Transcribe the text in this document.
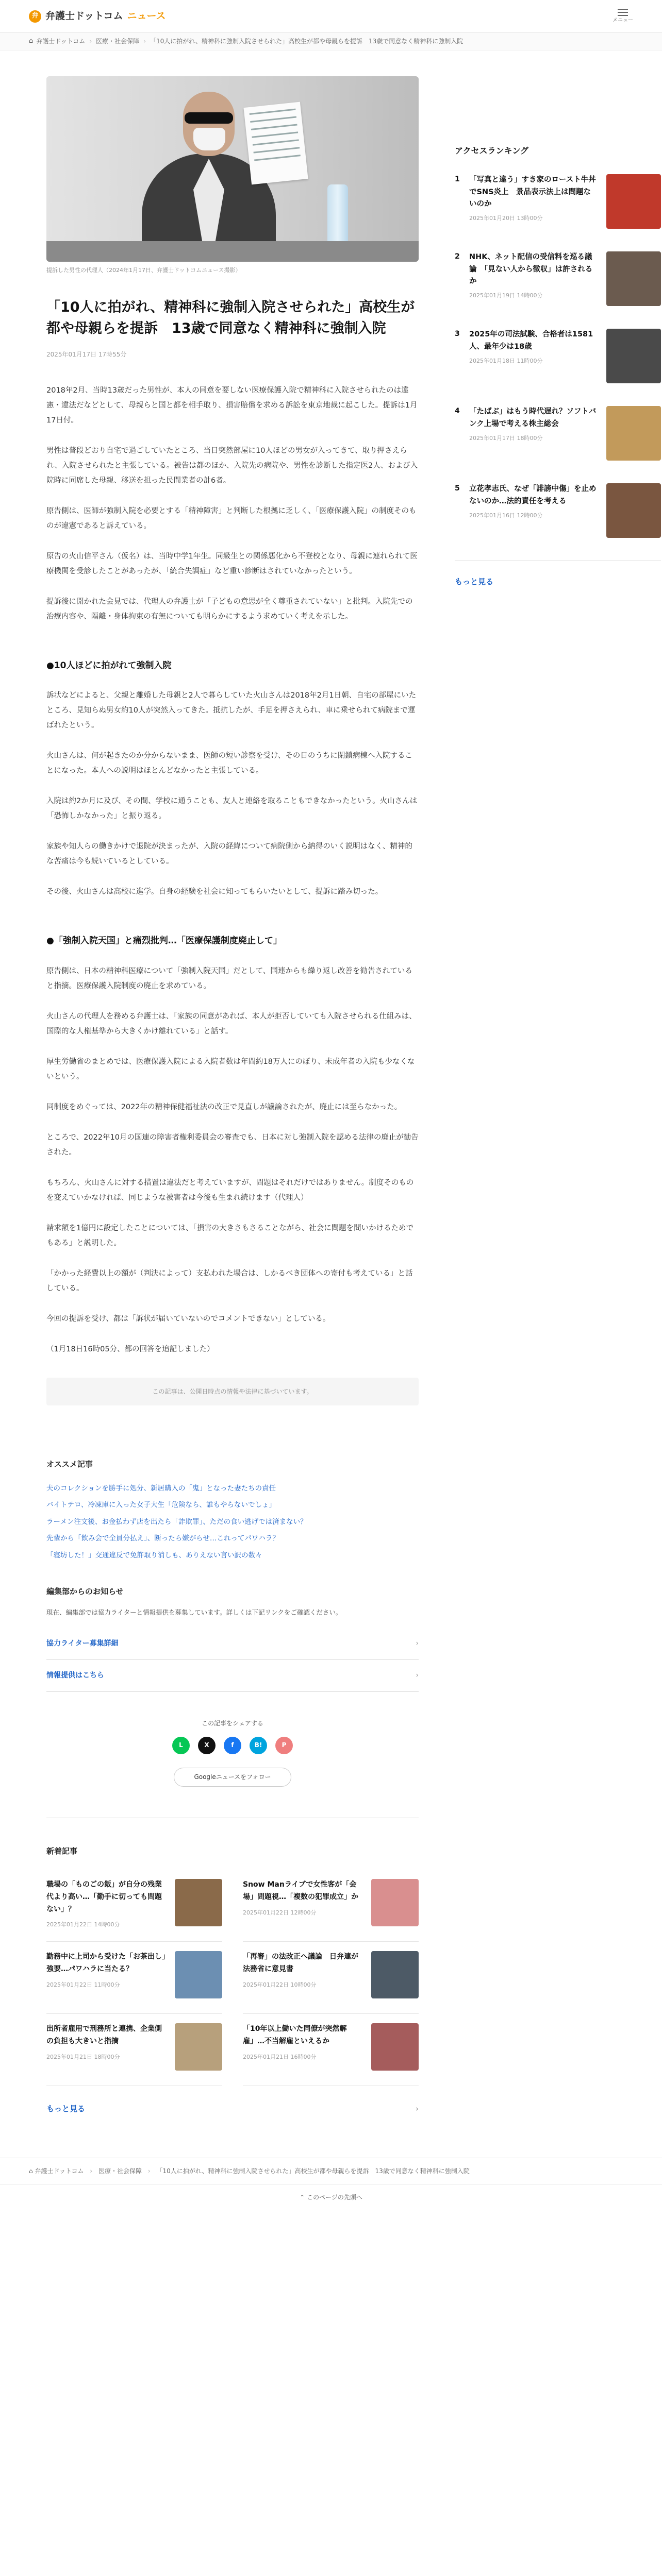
弁 弁護士ドットコム ニュース	メニュー
⌂ 弁護士ドットコム › 医療・社会保障 › 「10人に拍がれ、精神科に強制入院させられた」高校生が都や母親らを提訴　13歳で同意なく精神科に強制入院

提訴した男性の代理人（2024年1月17日、弁護士ドットコムニュース撮影）

「10人に拍がれ、精神科に強制入院させられた」高校生が都や母親らを提訴　13歳で同意なく精神科に強制入院
2025年01月17日 17時55分

2018年2月、当時13歳だった男性が、本人の同意を要しない医療保護入院で精神科に入院させられたのは違憲・違法だなどとして、母親らと国と都を相手取り、損害賠償を求める訴訟を東京地裁に起こした。提訴は1月17日付。

男性は普段どおり自宅で過ごしていたところ、当日突然部屋に10人ほどの男女が入ってきて、取り押さえられ、入院させられたと主張している。被告は都のほか、入院先の病院や、男性を診断した指定医2人、および入院時に同席した母親、移送を担った民間業者の計6者。

原告側は、医師が強制入院を必要とする「精神障害」と判断した根拠に乏しく、「医療保護入院」の制度そのものが違憲であると訴えている。

原告の火山信平さん（仮名）は、当時中学1年生。同級生との関係悪化から不登校となり、母親に連れられて医療機関を受診したことがあったが、「統合失調症」など重い診断はされていなかったという。

提訴後に開かれた会見では、代理人の弁護士が「子どもの意思が全く尊重されていない」と批判。入院先での治療内容や、隔離・身体拘束の有無についても明らかにするよう求めていく考えを示した。

●10人ほどに拍がれて強制入院

訴状などによると、父親と離婚した母親と2人で暮らしていた火山さんは2018年2月1日朝、自宅の部屋にいたところ、見知らぬ男女約10人が突然入ってきた。抵抗したが、手足を押さえられ、車に乗せられて病院まで運ばれたという。

火山さんは、何が起きたのか分からないまま、医師の短い診察を受け、その日のうちに閉鎖病棟へ入院することになった。本人への説明はほとんどなかったと主張している。

入院は約2か月に及び、その間、学校に通うことも、友人と連絡を取ることもできなかったという。火山さんは「恐怖しかなかった」と振り返る。

家族や知人らの働きかけで退院が決まったが、入院の経緯について病院側から納得のいく説明はなく、精神的な苦痛は今も続いているとしている。

その後、火山さんは高校に進学。自身の経験を社会に知ってもらいたいとして、提訴に踏み切った。

●「強制入院天国」と痛烈批判…「医療保護制度廃止して」

原告側は、日本の精神科医療について「強制入院天国」だとして、国連からも繰り返し改善を勧告されていると指摘。医療保護入院制度の廃止を求めている。

火山さんの代理人を務める弁護士は、「家族の同意があれば、本人が拒否していても入院させられる仕組みは、国際的な人権基準から大きくかけ離れている」と話す。

厚生労働省のまとめでは、医療保護入院による入院者数は年間約18万人にのぼり、未成年者の入院も少なくないという。

同制度をめぐっては、2022年の精神保健福祉法の改正で見直しが議論されたが、廃止には至らなかった。

ところで、2022年10月の国連の障害者権利委員会の審査でも、日本に対し強制入院を認める法律の廃止が勧告された。

もちろん、火山さんに対する措置は違法だと考えていますが、問題はそれだけではありません。制度そのものを変えていかなければ、同じような被害者は今後も生まれ続けます（代理人）

請求額を1億円に設定したことについては、「損害の大きさもさることながら、社会に問題を問いかけるためでもある」と説明した。

「かかった経費以上の額が（判決によって）支払われた場合は、しかるべき団体への寄付も考えている」と話している。

今回の提訴を受け、都は「訴状が届いていないのでコメントできない」としている。

（1月18日16時05分、都の回答を追記しました）

この記事は、公開日時点の情報や法律に基づいています。
オススメ記事
夫のコレクションを勝手に処分、新居購入の「鬼」となった妻たちの責任
バイトテロ、冷凍庫に入った女子大生「危険なら、誰もやらないでしょ」
ラーメン注文後、お金払わず店を出たら「詐欺罪」、ただの食い逃げでは済まない？
先輩から「飲み会で全員分払え」、断ったら嫌がらせ…これってパワハラ？
「寝坊した！」交通違反で免許取り消しも、ありえない言い訳の数々
編集部からのお知らせ

現在、編集部では協力ライターと情報提供を募集しています。詳しくは下記リンクをご確認ください。

協力ライター募集詳細	›
情報提供はこちら	›
この記事をシェアする
L	X	f	B!	P
Googleニュースをフォロー
新着記事
職場の「ものごの飯」が自分の残業代より高い…「勤手に切っても問題ない」？
2025年01月22日 14時00分
Snow Manライブで女性客が「会場」問題視…「複数の犯罪成立」か
2025年01月22日 12時00分
勤務中に上司から受けた「お茶出し」強要…パワハラに当たる？
2025年01月22日 11時00分
「再審」の法改正へ議論　日弁連が法務省に意見書
2025年01月22日 10時00分
出所者雇用で刑務所と連携、企業側の負担も大きいと指摘
2025年01月21日 18時00分
「10年以上働いた同僚が突然解雇」…不当解雇といえるか
2025年01月21日 16時00分
もっと見る	›
アクセスランキング
1 「写真と違う」すき家のロースト牛丼でSNS炎上　景品表示法上は問題ないのか
2025年01月20日 13時00分
2 NHK、ネット配信の受信料を巡る議論　「見ない人から徴収」は許されるか
2025年01月19日 14時00分
3 2025年の司法試験、合格者は1581人、最年少は18歳
2025年01月18日 11時00分
4 「たばぶ」はもう時代遅れ？ソフトバンク上場で考える株主総会
2025年01月17日 18時00分
5 立花孝志氏、なぜ「誹謗中傷」を止めないのか…法的責任を考える
2025年01月16日 12時00分
もっと見る
⌂ 弁護士ドットコム › 医療・社会保障 › 「10人に拍がれ、精神科に強制入院させられた」高校生が都や母親らを提訴　13歳で同意なく精神科に強制入院
⌃ このページの先頭へ
